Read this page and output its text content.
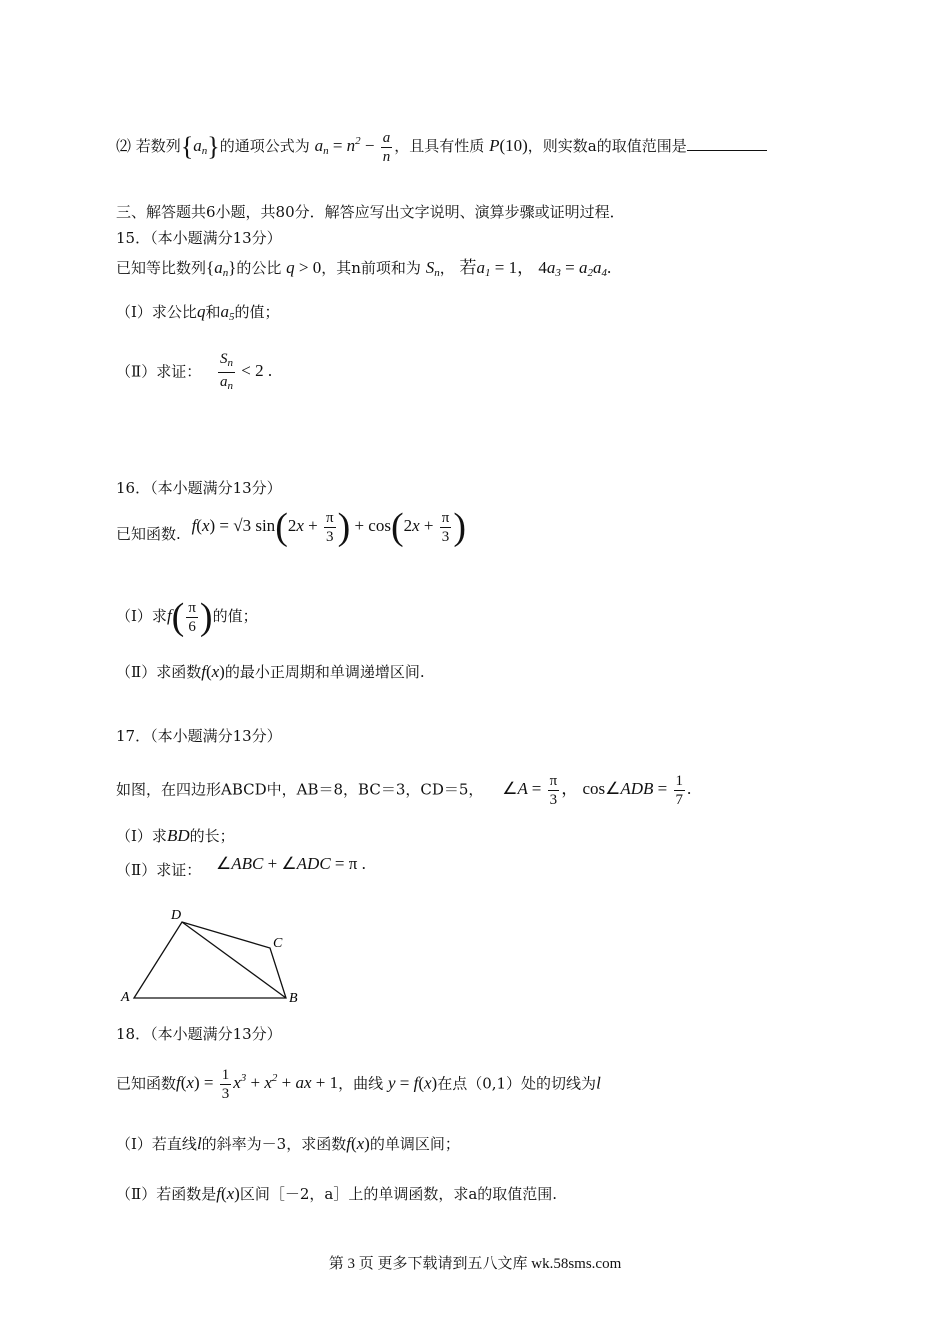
⑵ 若数列$\{a_n\}$的通项公式为 $a_n = n^2 - \frac{a}{n}$ ，且具有性质 P(10)，则实数a的取值范围是
三、解答题共6小题，共80分．解答应写出文字说明、演算步骤或证明过程．
15．（本小题满分13分）
已知等比数列$\{a_n\}$的公比 q > 0，其n前项和为 $S_n$， 若$a_1 = 1$， $4a_3 = a_2a_4$.
（Ⅰ）求公比q和$a_5$的值；
（Ⅱ）求证： $\frac{S_n}{a_n} < 2$ .
16．（本小题满分13分）
已知函数. f(x) = √3 $\sin(2x + \frac{\pi}{3}$ ) + $\cos(2x + \frac{\pi}{3}$ )
（Ⅰ）求$f( \frac{\pi}{6}$ )的值；
（Ⅱ）求函数f(x)的最小正周期和单调递增区间.
17．（本小题满分13分）
如图，在四边形ABCD中，AB＝8，BC＝3，CD＝5， ∠A = $\frac{\pi}{3}$ ， cos∠ADB = $\frac{1}{7}$ .
（Ⅰ）求BD的长；
（Ⅱ）求证： ∠ABC + ∠ADC = π .
A	B
C
D
18．（本小题满分13分）
已知函数$f(x) = \frac{1}{3} x^3 + x^2$ + ax + 1，曲线 y = f(x)在点（0,1）处的切线为l
（Ⅰ）若直线l的斜率为－3，求函数f(x)的单调区间；
（Ⅱ）若函数是f(x)区间［－2，a］上的单调函数，求a的取值范围.
第 3 页 更多下载请到五八文库 wk.58sms.com
